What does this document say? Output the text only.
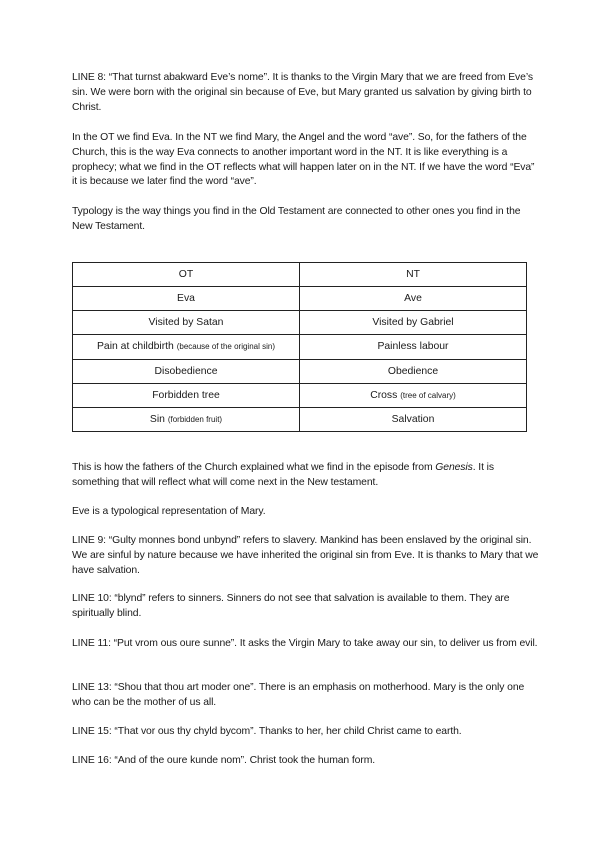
LINE 8: “That turnst abakward Eve’s nome”. It is thanks to the Virgin Mary that we are freed from Eve’s sin. We were born with the original sin because of Eve, but Mary granted us salvation by giving birth to Christ.

In the OT we find Eva. In the NT we find Mary, the Angel and the word “ave”. So, for the fathers of the Church, this is the way Eva connects to another important word in the NT. It is like everything is a prophecy; what we find in the OT reflects what will happen later on in the NT. If we have the word “Eva” it is because we later find the word “ave”.

Typology is the way things you find in the Old Testament are connected to other ones you find in the New Testament.

OT	NT
Eva	Ave
Visited by Satan	Visited by Gabriel
Pain at childbirth (because of the original sin)	Painless labour
Disobedience	Obedience
Forbidden tree	Cross (tree of calvary)
Sin (forbidden fruit)	Salvation

This is how the fathers of the Church explained what we find in the episode from Genesis. It is something that will reflect what will come next in the New testament.

Eve is a typological representation of Mary.

LINE 9: “Gulty monnes bond unbynd” refers to slavery. Mankind has been enslaved by the original sin. We are sinful by nature because we have inherited the original sin from Eve. It is thanks to Mary that we have salvation.

LINE 10: “blynd” refers to sinners. Sinners do not see that salvation is available to them. They are spiritually blind.

LINE 11: “Put vrom ous oure sunne”. It asks the Virgin Mary to take away our sin, to deliver us from evil.

LINE 13: “Shou that thou art moder one”. There is an emphasis on motherhood. Mary is the only one who can be the mother of us all.

LINE 15: “That vor ous thy chyld bycom”. Thanks to her, her child Christ came to earth.

LINE 16: “And of the oure kunde nom”. Christ took the human form.
